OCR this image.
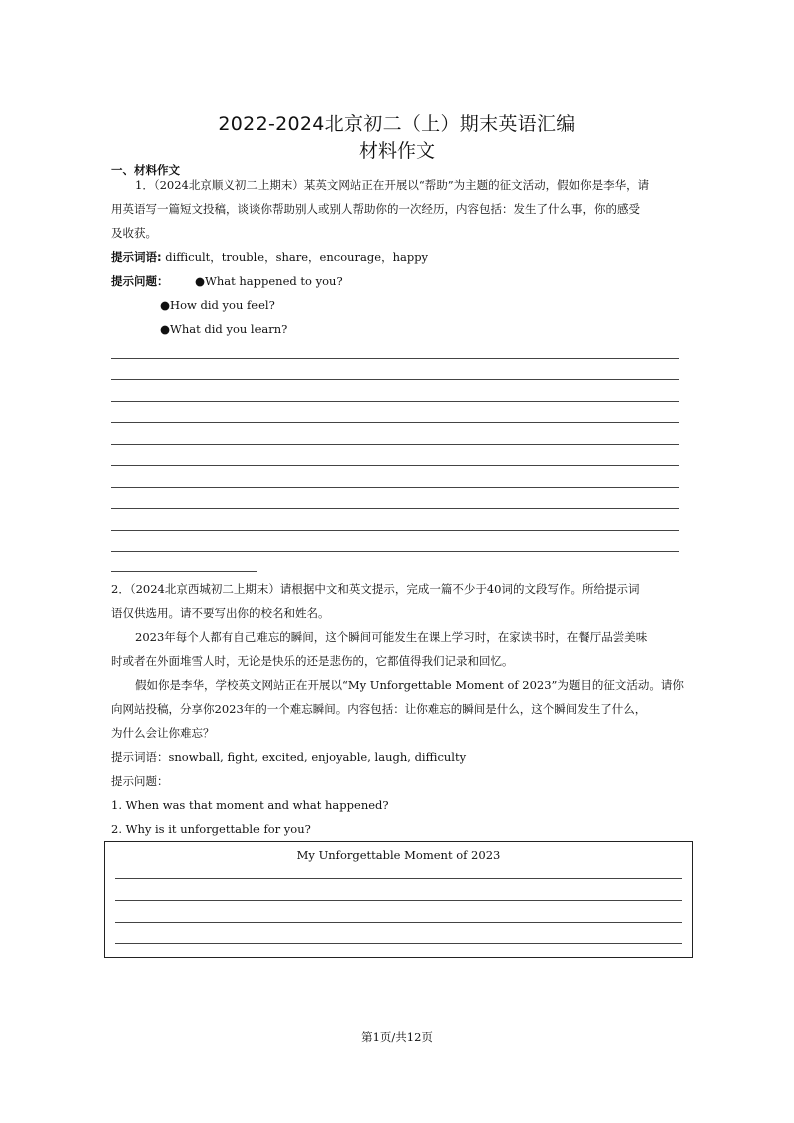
2022-2024北京初二（上）期末英语汇编
材料作文
一、材料作文
1．（2024北京顺义初二上期末）某英文网站正在开展以“帮助”为主题的征文活动，假如你是李华，请
用英语写一篇短文投稿，谈谈你帮助别人或别人帮助你的一次经历，内容包括：发生了什么事，你的感受
及收获。
提示词语: difficult，trouble，share，encourage，happy
提示问题： ●What happened to you?
●How did you feel?
●What did you learn?
2．（2024北京西城初二上期末）请根据中文和英文提示，完成一篇不少于40词的文段写作。所给提示词
语仅供选用。请不要写出你的校名和姓名。
2023年每个人都有自己难忘的瞬间，这个瞬间可能发生在课上学习时，在家读书时，在餐厅品尝美味
时或者在外面堆雪人时，无论是快乐的还是悲伤的，它都值得我们记录和回忆。
假如你是李华，学校英文网站正在开展以“My Unforgettable Moment of 2023”为题目的征文活动。请你
向网站投稿，分享你2023年的一个难忘瞬间。内容包括：让你难忘的瞬间是什么，这个瞬间发生了什么，
为什么会让你难忘？
提示词语：snowball, fight, excited, enjoyable, laugh, difficulty
提示问题：
1. When was that moment and what happened?
2. Why is it unforgettable for you?
My Unforgettable Moment of 2023
第1页/共12页
